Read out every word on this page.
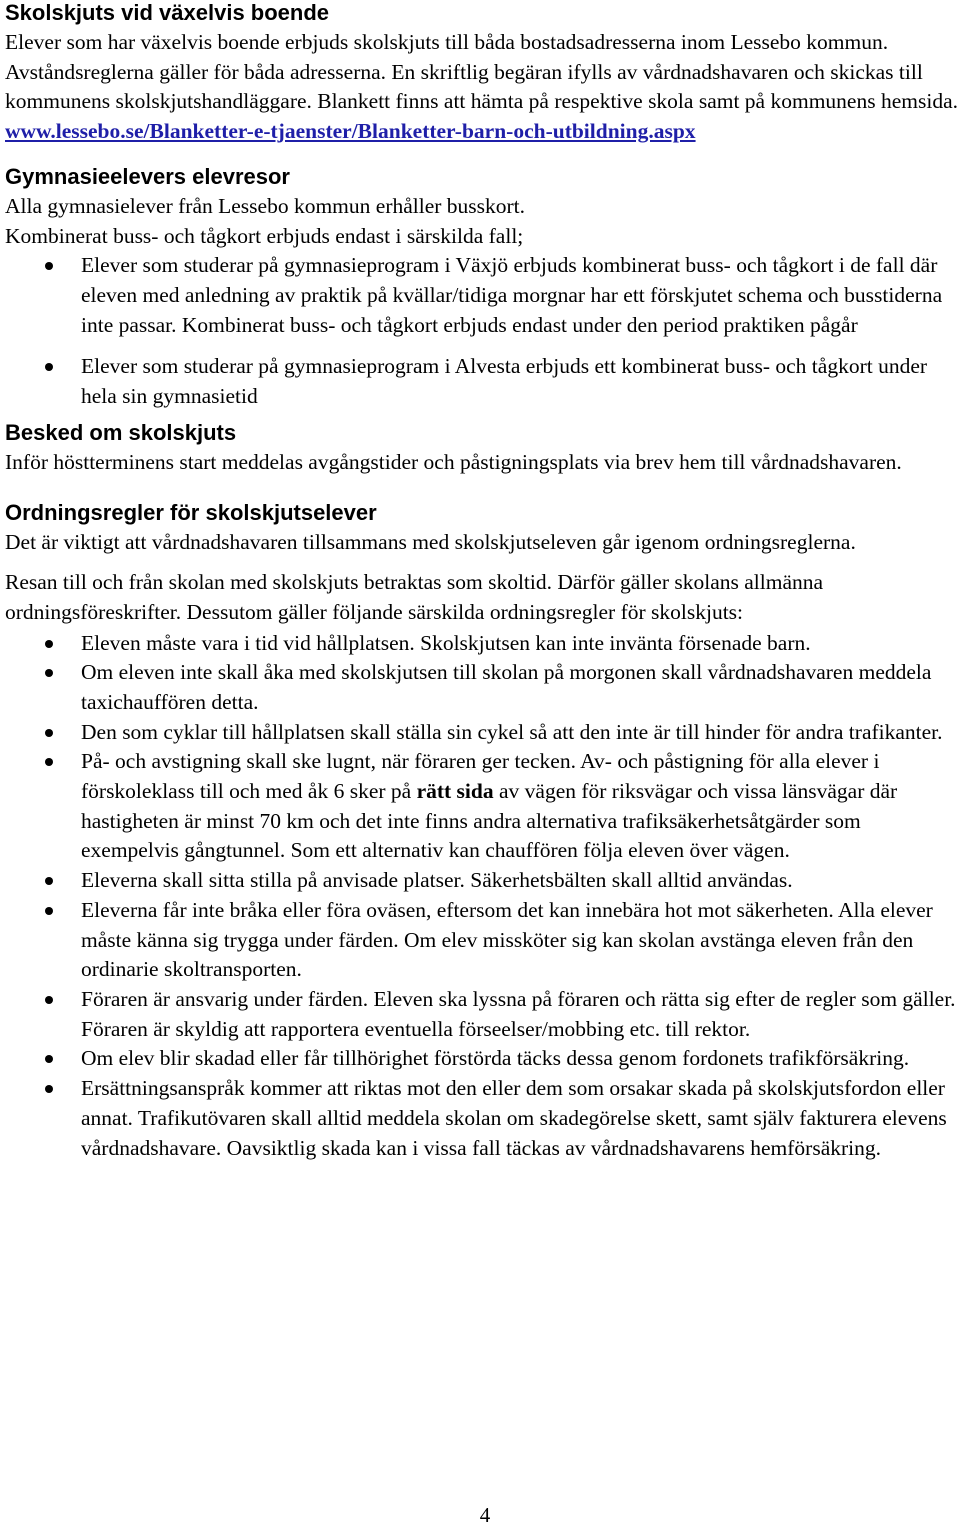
Skolskjuts vid växelvis boende

Elever som har växelvis boende erbjuds skolskjuts till båda bostadsadresserna inom Lessebo kommun. Avståndsreglerna gäller för båda adresserna. En skriftlig begäran ifylls av vårdnadshavaren och skickas till kommunens skolskjutshandläggare. Blankett finns att hämta på respektive skola samt på kommunens hemsida.

www.lessebo.se/Blanketter-e-tjaenster/Blanketter-barn-och-utbildning.aspx

Gymnasieelevers elevresor

Alla gymnasielever från Lessebo kommun erhåller busskort.

Kombinerat buss- och tågkort erbjuds endast i särskilda fall;

Elever som studerar på gymnasieprogram i Växjö erbjuds kombinerat buss- och tågkort i de fall där eleven med anledning av praktik på kvällar/tidiga morgnar har ett förskjutet schema och busstiderna inte passar. Kombinerat buss- och tågkort erbjuds endast under den period praktiken pågår
Elever som studerar på gymnasieprogram i Alvesta erbjuds ett kombinerat buss- och tågkort under hela sin gymnasietid
Besked om skolskjuts

Inför höstterminens start meddelas avgångstider och påstigningsplats via brev hem till vårdnadshavaren.

Ordningsregler för skolskjutselever

Det är viktigt att vårdnadshavaren tillsammans med skolskjutseleven går igenom ordningsreglerna.

Resan till och från skolan med skolskjuts betraktas som skoltid. Därför gäller skolans allmänna ordningsföreskrifter. Dessutom gäller följande särskilda ordningsregler för skolskjuts:

Eleven måste vara i tid vid hållplatsen. Skolskjutsen kan inte invänta försenade barn.
Om eleven inte skall åka med skolskjutsen till skolan på morgonen skall vårdnadshavaren meddela taxichauffören detta.
Den som cyklar till hållplatsen skall ställa sin cykel så att den inte är till hinder för andra trafikanter.
På- och avstigning skall ske lugnt, när föraren ger tecken. Av- och påstigning för alla elever i förskoleklass till och med åk 6 sker på rätt sida av vägen för riksvägar och vissa länsvägar där hastigheten är minst 70 km och det inte finns andra alternativa trafiksäkerhetsåtgärder som exempelvis gångtunnel. Som ett alternativ kan chauffören följa eleven över vägen.
Eleverna skall sitta stilla på anvisade platser. Säkerhetsbälten skall alltid användas.
Eleverna får inte bråka eller föra oväsen, eftersom det kan innebära hot mot säkerheten. Alla elever måste känna sig trygga under färden. Om elev missköter sig kan skolan avstänga eleven från den ordinarie skoltransporten.
Föraren är ansvarig under färden. Eleven ska lyssna på föraren och rätta sig efter de regler som gäller. Föraren är skyldig att rapportera eventuella förseelser/mobbing etc. till rektor.
Om elev blir skadad eller får tillhörighet förstörda täcks dessa genom fordonets trafikförsäkring.
Ersättningsanspråk kommer att riktas mot den eller dem som orsakar skada på skolskjutsfordon eller annat. Trafikutövaren skall alltid meddela skolan om skadegörelse skett, samt själv fakturera elevens vårdnadshavare. Oavsiktlig skada kan i vissa fall täckas av vårdnadshavarens hemförsäkring.
4
